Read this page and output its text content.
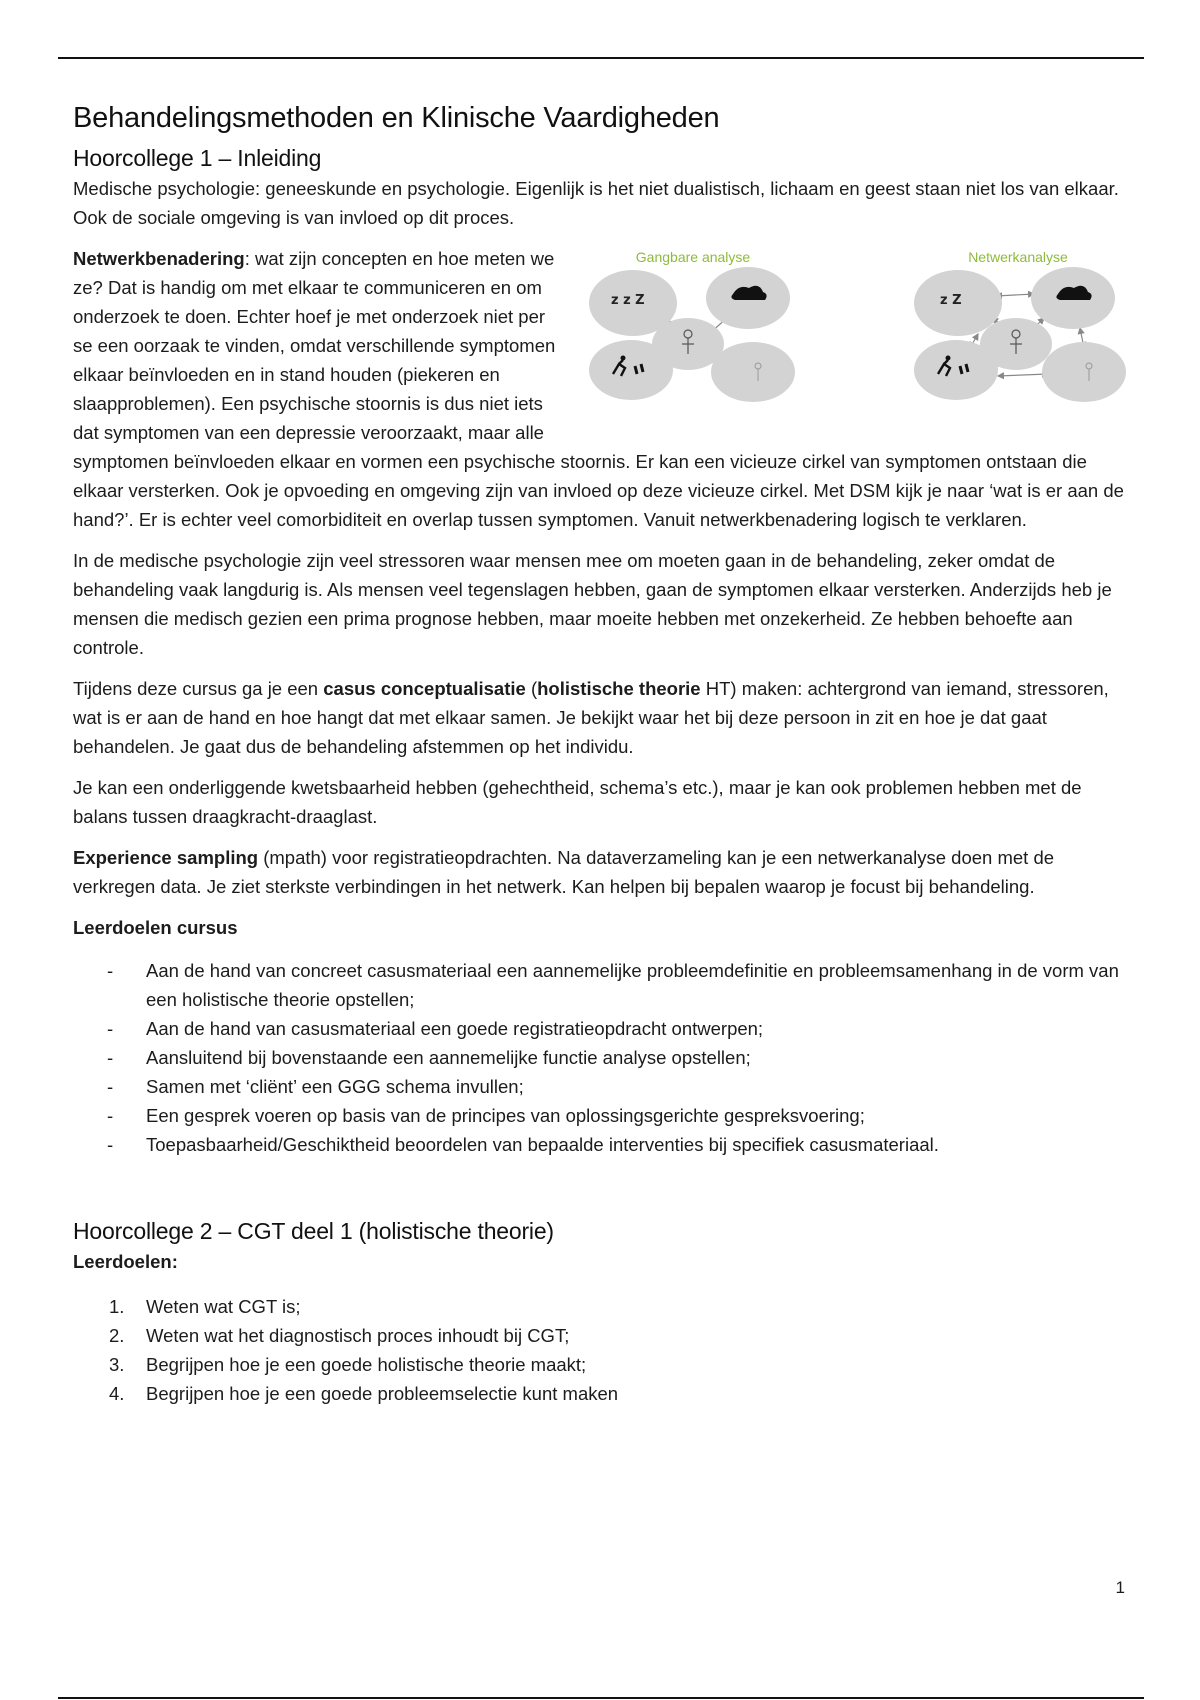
Behandelingsmethoden en Klinische Vaardigheden
Hoorcollege 1 – Inleiding

Medische psychologie: geneeskunde en psychologie. Eigenlijk is het niet dualistisch, lichaam en geest staan niet los van elkaar. Ook de sociale omgeving is van invloed op dit proces.

Gangbare analyse	Netwerkanalyse
z z Z	z Z

Netwerkbenadering: wat zijn concepten en hoe meten we ze? Dat is handig om met elkaar te communiceren en om onderzoek te doen. Echter hoef je met onderzoek niet per se een oorzaak te vinden, omdat verschillende symptomen elkaar beïnvloeden en in stand houden (piekeren en slaapproblemen). Een psychische stoornis is dus niet iets dat symptomen van een depressie veroorzaakt, maar alle symptomen beïnvloeden elkaar en vormen een psychische stoornis. Er kan een vicieuze cirkel van symptomen ontstaan die elkaar versterken. Ook je opvoeding en omgeving zijn van invloed op deze vicieuze cirkel. Met DSM kijk je naar ‘wat is er aan de hand?’. Er is echter veel comorbiditeit en overlap tussen symptomen. Vanuit netwerkbenadering logisch te verklaren.

In de medische psychologie zijn veel stressoren waar mensen mee om moeten gaan in de behandeling, zeker omdat de behandeling vaak langdurig is. Als mensen veel tegenslagen hebben, gaan de symptomen elkaar versterken. Anderzijds heb je mensen die medisch gezien een prima prognose hebben, maar moeite hebben met onzekerheid. Ze hebben behoefte aan controle.

Tijdens deze cursus ga je een casus conceptualisatie (holistische theorie HT) maken: achtergrond van iemand, stressoren, wat is er aan de hand en hoe hangt dat met elkaar samen. Je bekijkt waar het bij deze persoon in zit en hoe je dat gaat behandelen. Je gaat dus de behandeling afstemmen op het individu.

Je kan een onderliggende kwetsbaarheid hebben (gehechtheid, schema’s etc.), maar je kan ook problemen hebben met de balans tussen draagkracht-draaglast.

Experience sampling (mpath) voor registratieopdrachten. Na dataverzameling kan je een netwerkanalyse doen met de verkregen data. Je ziet sterkste verbindingen in het netwerk. Kan helpen bij bepalen waarop je focust bij behandeling.

Leerdoelen cursus

- Aan de hand van concreet casusmateriaal een aannemelijke probleemdefinitie en probleemsamenhang in de vorm van een holistische theorie opstellen;
- Aan de hand van casusmateriaal een goede registratieopdracht ontwerpen;
- Aansluitend bij bovenstaande een aannemelijke functie analyse opstellen;
- Samen met ‘cliënt’ een GGG schema invullen;
- Een gesprek voeren op basis van de principes van oplossingsgerichte gespreksvoering;
- Toepasbaarheid/Geschiktheid beoordelen van bepaalde interventies bij specifiek casusmateriaal.
Hoorcollege 2 – CGT deel 1 (holistische theorie)

Leerdoelen:

1. Weten wat CGT is;
2. Weten wat het diagnostisch proces inhoudt bij CGT;
3. Begrijpen hoe je een goede holistische theorie maakt;
4. Begrijpen hoe je een goede probleemselectie kunt maken
1
